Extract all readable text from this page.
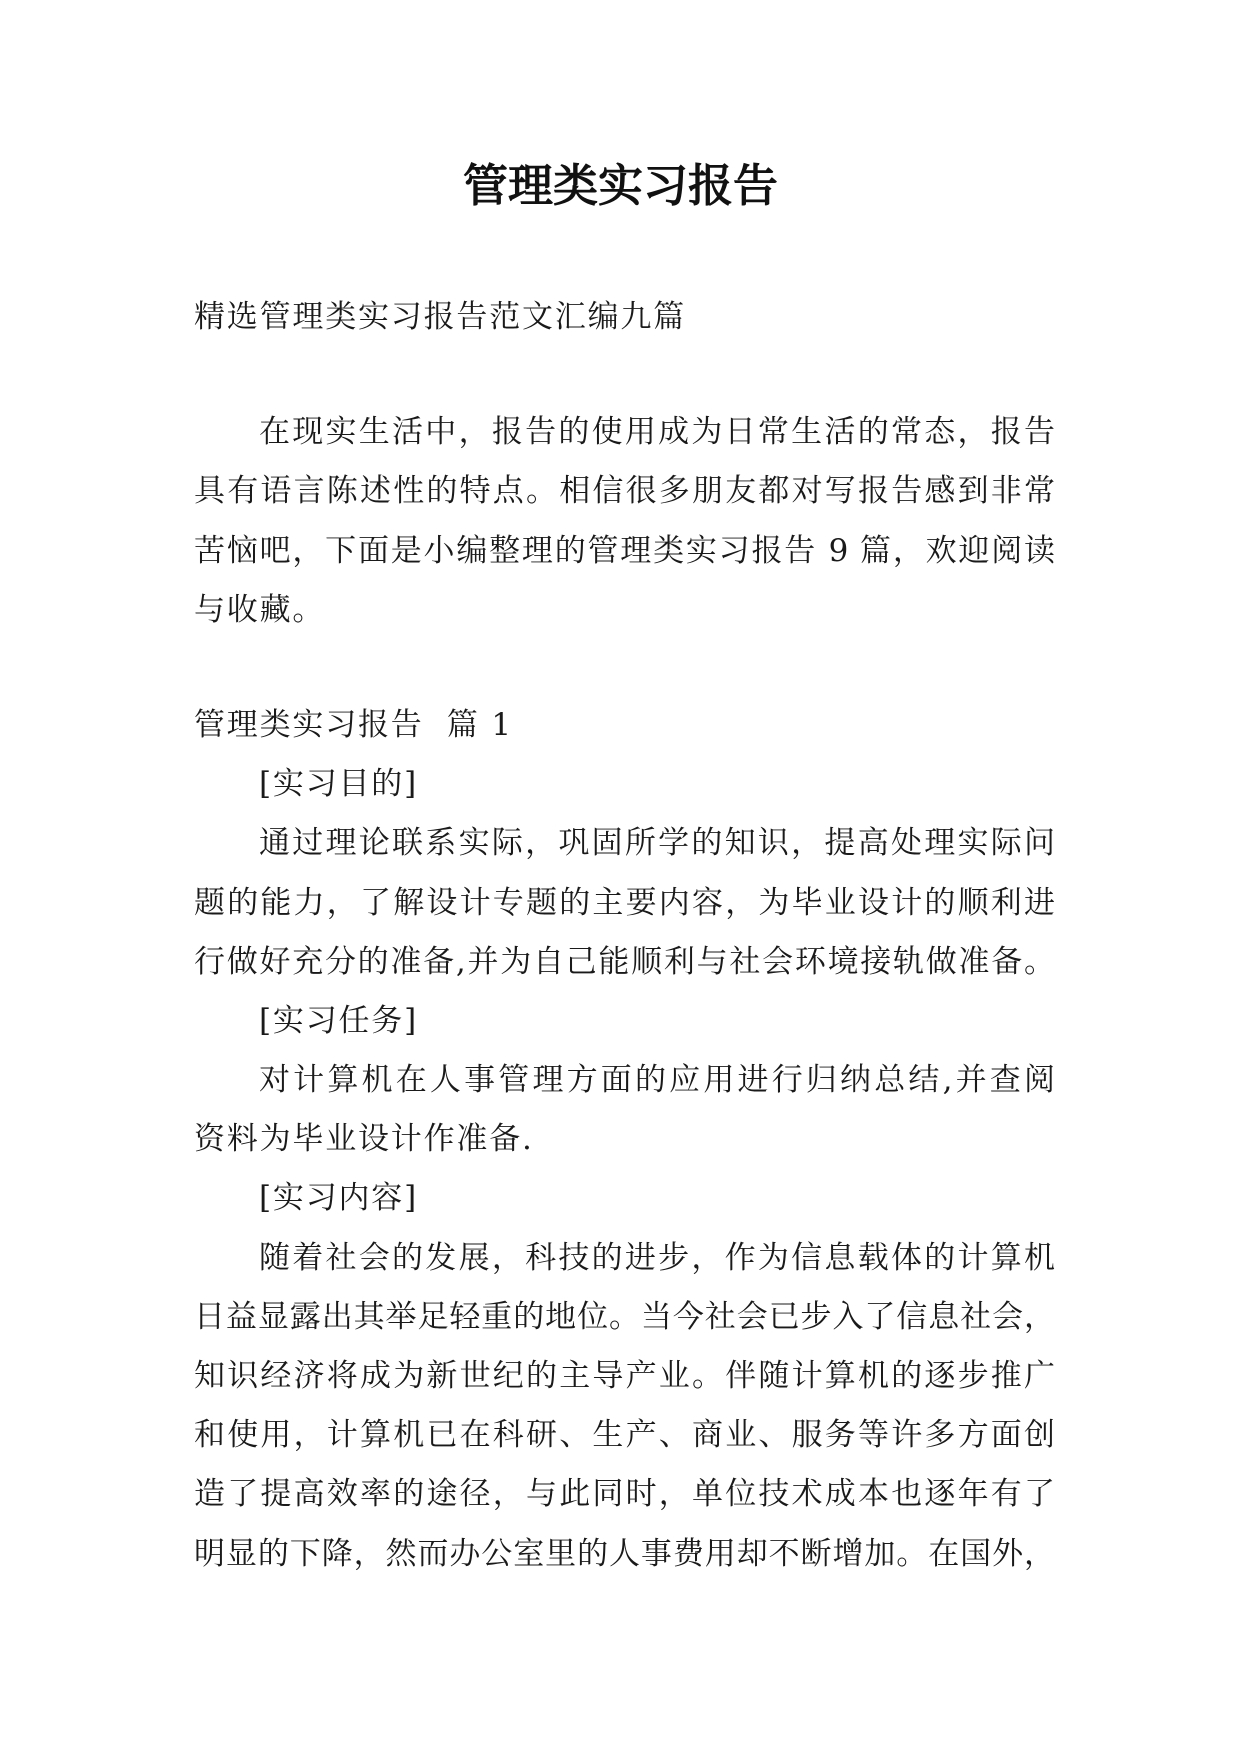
管理类实习报告
精选管理类实习报告范文汇编九篇
在现实生活中，报告的使用成为日常生活的常态，报告
具有语言陈述性的特点。相信很多朋友都对写报告感到非常
苦恼吧，下面是小编整理的管理类实习报告 9 篇，欢迎阅读
与收藏。
管理类实习报告  篇 1
[实习目的]
通过理论联系实际，巩固所学的知识，提高处理实际问
题的能力，了解设计专题的主要内容，为毕业设计的顺利进
行做好充分的准备,并为自己能顺利与社会环境接轨做准备。
[实习任务]
对计算机在人事管理方面的应用进行归纳总结,并查阅
资料为毕业设计作准备.
[实习内容]
随着社会的发展，科技的进步，作为信息载体的计算机
日益显露出其举足轻重的地位。当今社会已步入了信息社会，
知识经济将成为新世纪的主导产业。伴随计算机的逐步推广
和使用，计算机已在科研、生产、商业、服务等许多方面创
造了提高效率的途径，与此同时，单位技术成本也逐年有了
明显的下降，然而办公室里的人事费用却不断增加。在国外，
